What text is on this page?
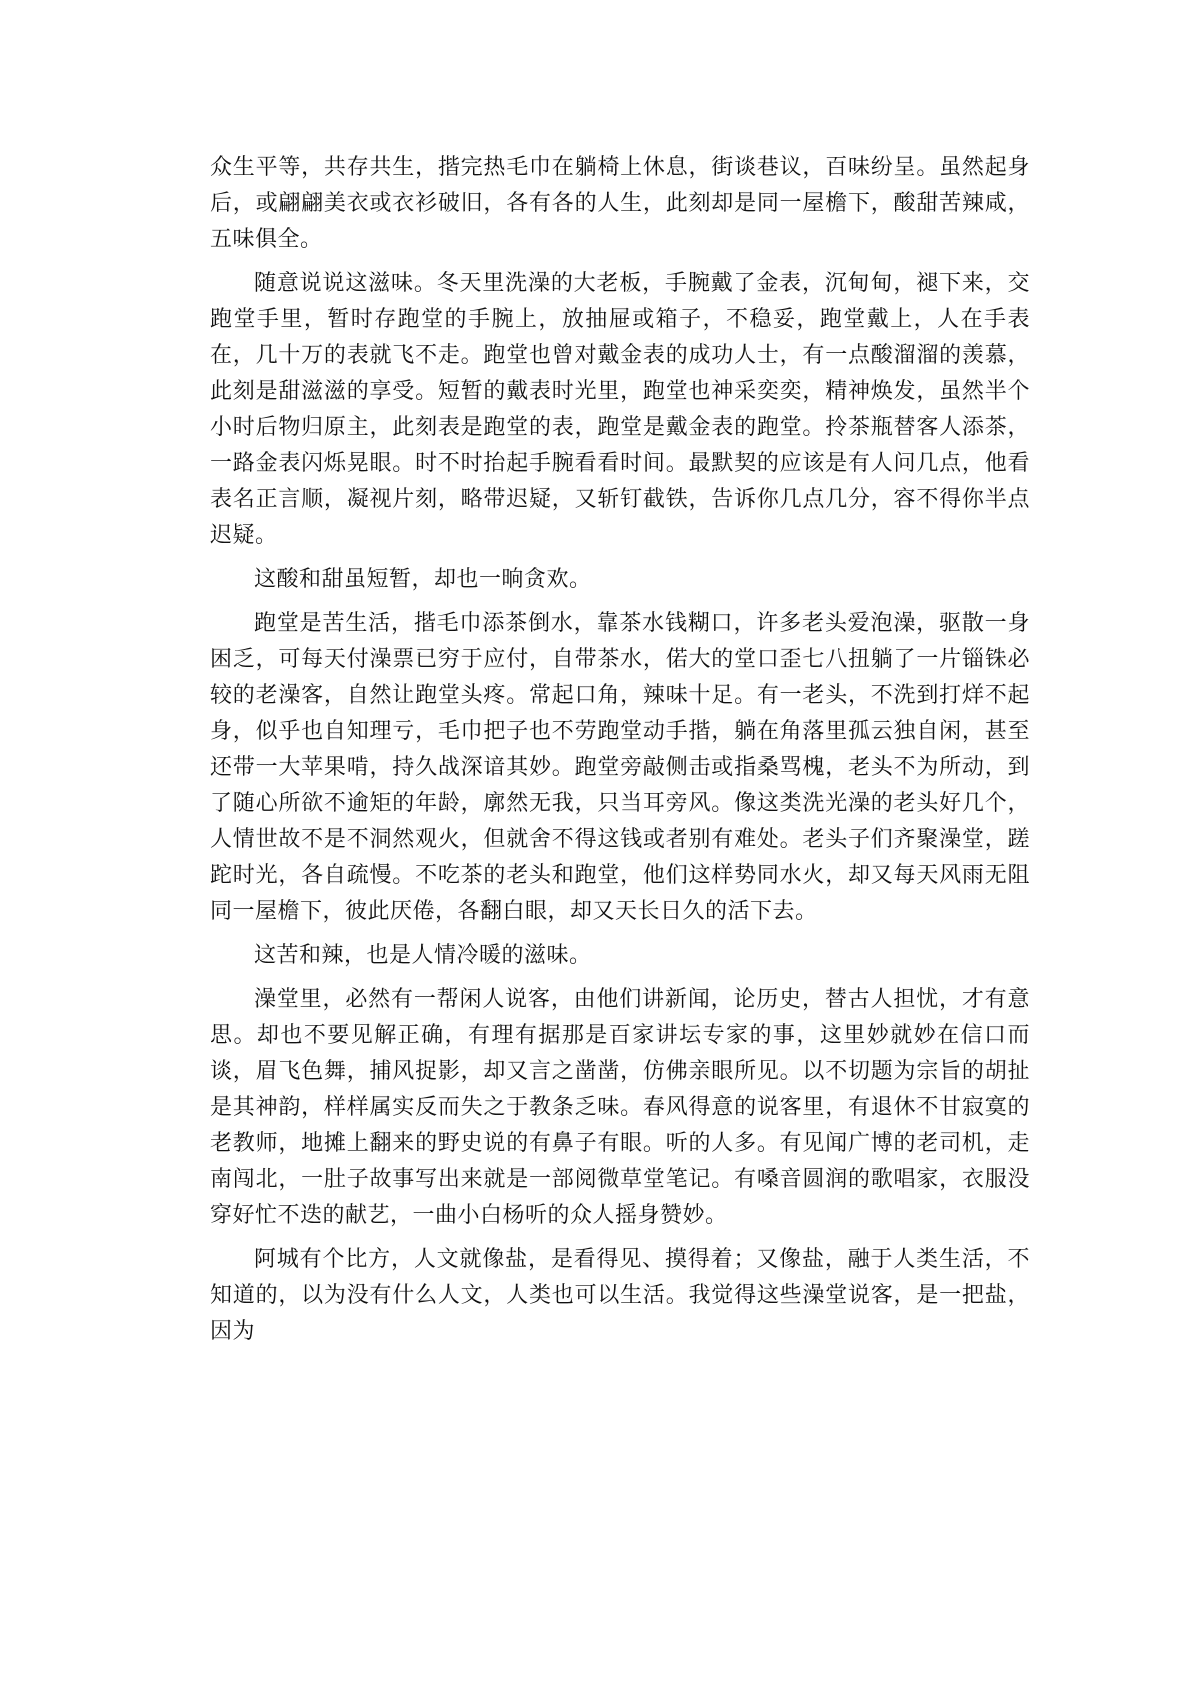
众生平等，共存共生，揩完热毛巾在躺椅上休息，街谈巷议，百味纷呈。虽然起身后，或翩翩美衣或衣衫破旧，各有各的人生，此刻却是同一屋檐下，酸甜苦辣咸，五味俱全。

随意说说这滋味。冬天里洗澡的大老板，手腕戴了金表，沉甸甸，褪下来，交跑堂手里，暂时存跑堂的手腕上，放抽屉或箱子，不稳妥，跑堂戴上，人在手表在，几十万的表就飞不走。跑堂也曾对戴金表的成功人士，有一点酸溜溜的羡慕，此刻是甜滋滋的享受。短暂的戴表时光里，跑堂也神采奕奕，精神焕发，虽然半个小时后物归原主，此刻表是跑堂的表，跑堂是戴金表的跑堂。拎茶瓶替客人添茶，一路金表闪烁晃眼。时不时抬起手腕看看时间。最默契的应该是有人问几点，他看表名正言顺，凝视片刻，略带迟疑，又斩钉截铁，告诉你几点几分，容不得你半点迟疑。

这酸和甜虽短暂，却也一晌贪欢。

跑堂是苦生活，揩毛巾添茶倒水，靠茶水钱糊口，许多老头爱泡澡，驱散一身困乏，可每天付澡票已穷于应付，自带茶水，偌大的堂口歪七八扭躺了一片锱铢必较的老澡客，自然让跑堂头疼。常起口角，辣味十足。有一老头，不洗到打烊不起身，似乎也自知理亏，毛巾把子也不劳跑堂动手揩，躺在角落里孤云独自闲，甚至还带一大苹果啃，持久战深谙其妙。跑堂旁敲侧击或指桑骂槐，老头不为所动，到了随心所欲不逾矩的年龄，廓然无我，只当耳旁风。像这类洗光澡的老头好几个，人情世故不是不洞然观火，但就舍不得这钱或者别有难处。老头子们齐聚澡堂，蹉跎时光，各自疏慢。不吃茶的老头和跑堂，他们这样势同水火，却又每天风雨无阻同一屋檐下，彼此厌倦，各翻白眼，却又天长日久的活下去。

这苦和辣，也是人情冷暖的滋味。

澡堂里，必然有一帮闲人说客，由他们讲新闻，论历史，替古人担忧，才有意思。却也不要见解正确，有理有据那是百家讲坛专家的事，这里妙就妙在信口而谈，眉飞色舞，捕风捉影，却又言之凿凿，仿佛亲眼所见。以不切题为宗旨的胡扯是其神韵，样样属实反而失之于教条乏味。春风得意的说客里，有退休不甘寂寞的老教师，地摊上翻来的野史说的有鼻子有眼。听的人多。有见闻广博的老司机，走南闯北，一肚子故事写出来就是一部阅微草堂笔记。有嗓音圆润的歌唱家，衣服没穿好忙不迭的献艺，一曲小白杨听的众人摇身赞妙。

阿城有个比方，人文就像盐，是看得见、摸得着；又像盐，融于人类生活，不知道的，以为没有什么人文，人类也可以生活。我觉得这些澡堂说客，是一把盐，因为
